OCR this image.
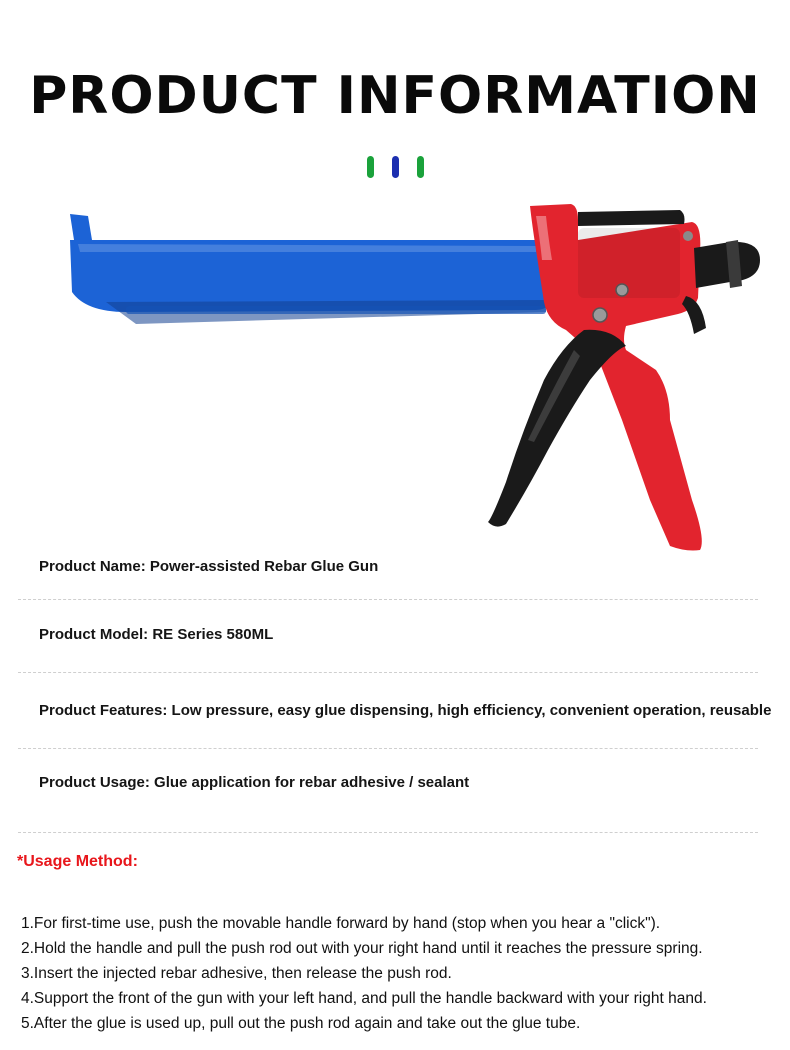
PRODUCT INFORMATION
Product Name: Power-assisted Rebar Glue Gun
Product Model: RE Series 580ML
Product Features: Low pressure, easy glue dispensing, high efficiency, convenient operation, reusable
Product Usage: Glue application for rebar adhesive / sealant
*Usage Method:
1.For first-time use, push the movable handle forward by hand (stop when you hear a "click").
2.Hold the handle and pull the push rod out with your right hand until it reaches the pressure spring.
3.Insert the injected rebar adhesive, then release the push rod.
4.Support the front of the gun with your left hand, and pull the handle backward with your right hand.
5.After the glue is used up, pull out the push rod again and take out the glue tube.
